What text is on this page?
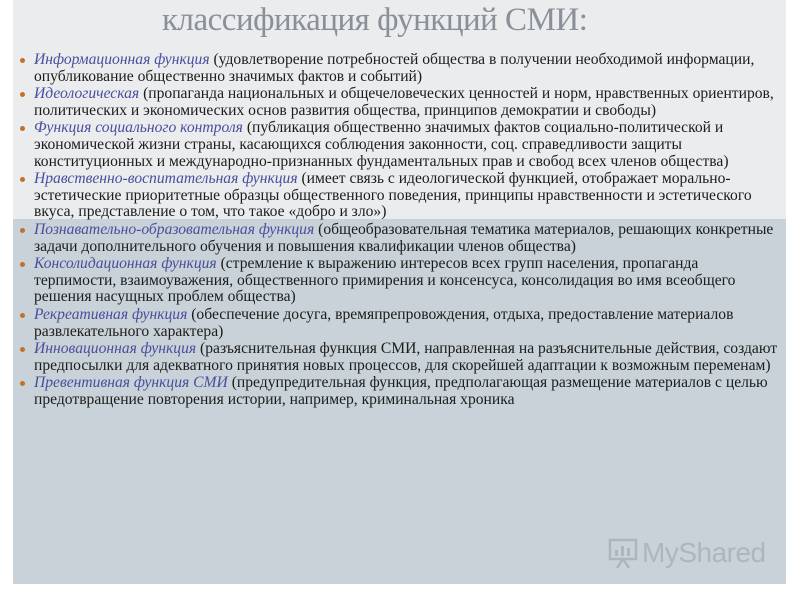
классификация функций СМИ:
Информационная функция (удовлетворение потребностей общества в получении необходимой информации, опубликование общественно значимых фактов и событий)
Идеологическая (пропаганда национальных и общечеловеческих ценностей и норм, нравственных ориентиров, политических и экономических основ развития общества, принципов демократии и свободы)
Функция социального контроля (публикация общественно значимых фактов социально-политической и экономической жизни страны, касающихся соблюдения законности, соц. справедливости защиты конституционных и международно-признанных фундаментальных прав и свобод всех членов общества)
Нравственно-воспитательная функция (имеет связь с идеологической функцией, отображает морально-эстетические приоритетные образцы общественного поведения, принципы нравственности и эстетического вкуса, представление о том, что такое «добро и зло»)
Познавательно-образовательная функция (общеобразовательная тематика материалов, решающих конкретные задачи дополнительного обучения и повышения квалификации членов общества)
Консолидационная функция (стремление к выражению интересов всех групп населения, пропаганда терпимости, взаимоуважения, общественного примирения и консенсуса, консолидация во имя всеобщего решения насущных проблем общества)
Рекреативная функция (обеспечение досуга, времяпрепровождения, отдыха, предоставление материалов развлекательного характера)
Инновационная функция (разъяснительная функция СМИ, направленная на разъяснительные действия, создают предпосылки для адекватного принятия новых процессов, для скорейшей адаптации к возможным переменам)
Превентивная функция СМИ (предупредительная функция, предполагающая размещение материалов с целью предотвращение повторения истории, например, криминальная хроника
MyShared
